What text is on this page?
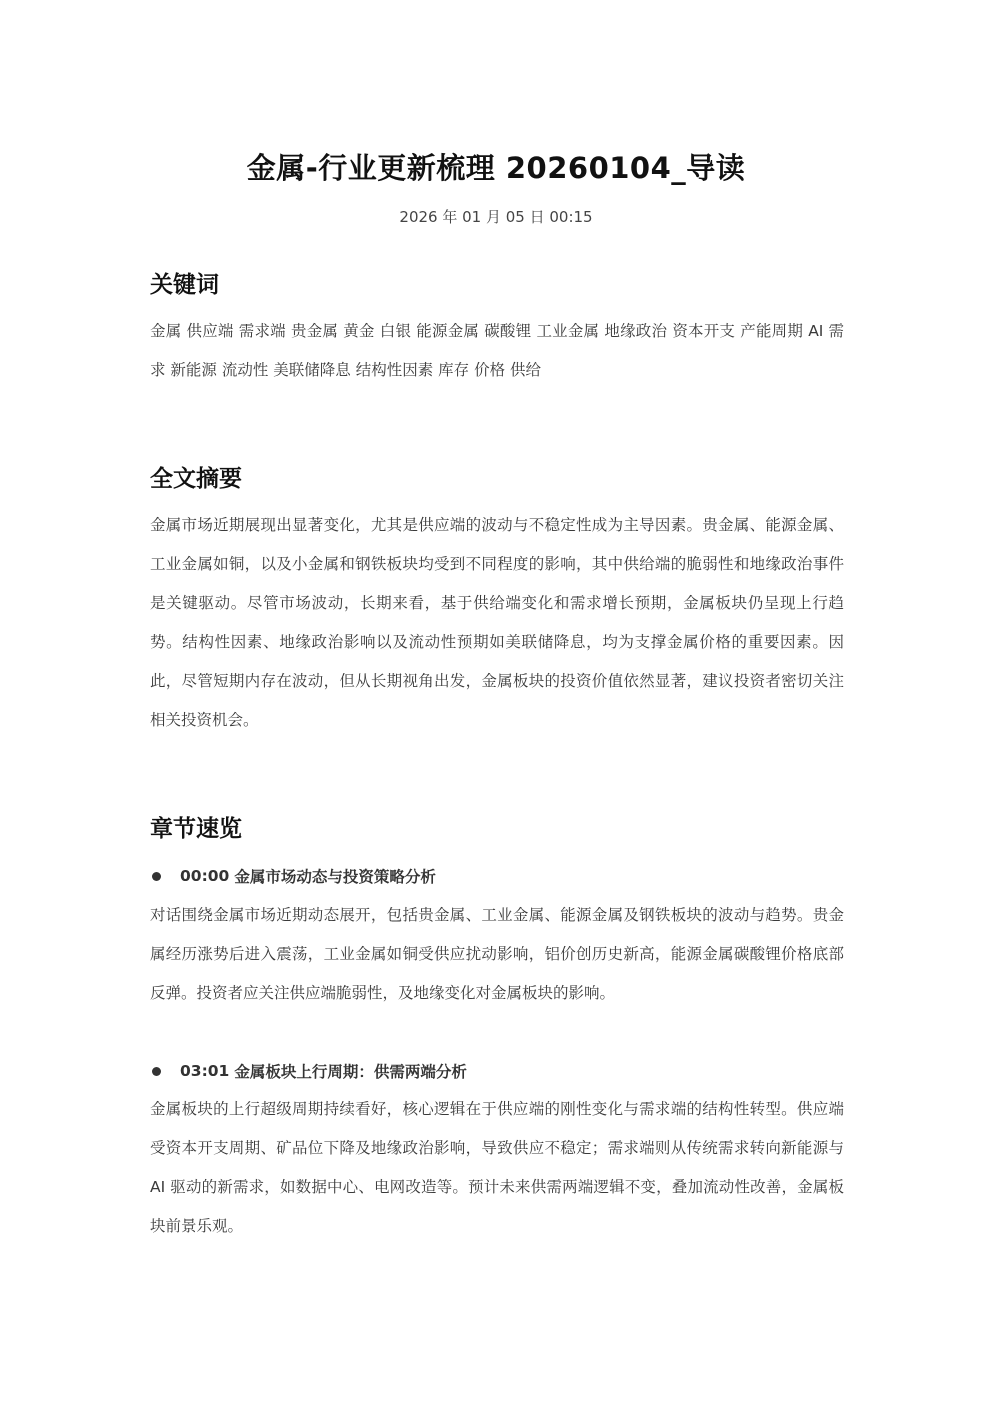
金属-行业更新梳理 20260104_导读
2026 年 01 月 05 日 00:15
关键词
金属 供应端 需求端 贵金属 黄金 白银 能源金属 碳酸锂 工业金属 地缘政治 资本开支 产能周期 AI 需求 新能源 流动性 美联储降息 结构性因素 库存 价格 供给
全文摘要
金属市场近期展现出显著变化，尤其是供应端的波动与不稳定性成为主导因素。贵金属、能源金属、工业金属如铜，以及小金属和钢铁板块均受到不同程度的影响，其中供给端的脆弱性和地缘政治事件是关键驱动。尽管市场波动，长期来看，基于供给端变化和需求增长预期，金属板块仍呈现上行趋势。结构性因素、地缘政治影响以及流动性预期如美联储降息，均为支撑金属价格的重要因素。因此，尽管短期内存在波动，但从长期视角出发，金属板块的投资价值依然显著，建议投资者密切关注相关投资机会。
章节速览
00:00 金属市场动态与投资策略分析
对话围绕金属市场近期动态展开，包括贵金属、工业金属、能源金属及钢铁板块的波动与趋势。贵金属经历涨势后进入震荡，工业金属如铜受供应扰动影响，铝价创历史新高，能源金属碳酸锂价格底部反弹。投资者应关注供应端脆弱性，及地缘变化对金属板块的影响。
03:01 金属板块上行周期：供需两端分析
金属板块的上行超级周期持续看好，核心逻辑在于供应端的刚性变化与需求端的结构性转型。供应端受资本开支周期、矿品位下降及地缘政治影响，导致供应不稳定；需求端则从传统需求转向新能源与 AI 驱动的新需求，如数据中心、电网改造等。预计未来供需两端逻辑不变，叠加流动性改善，金属板块前景乐观。
